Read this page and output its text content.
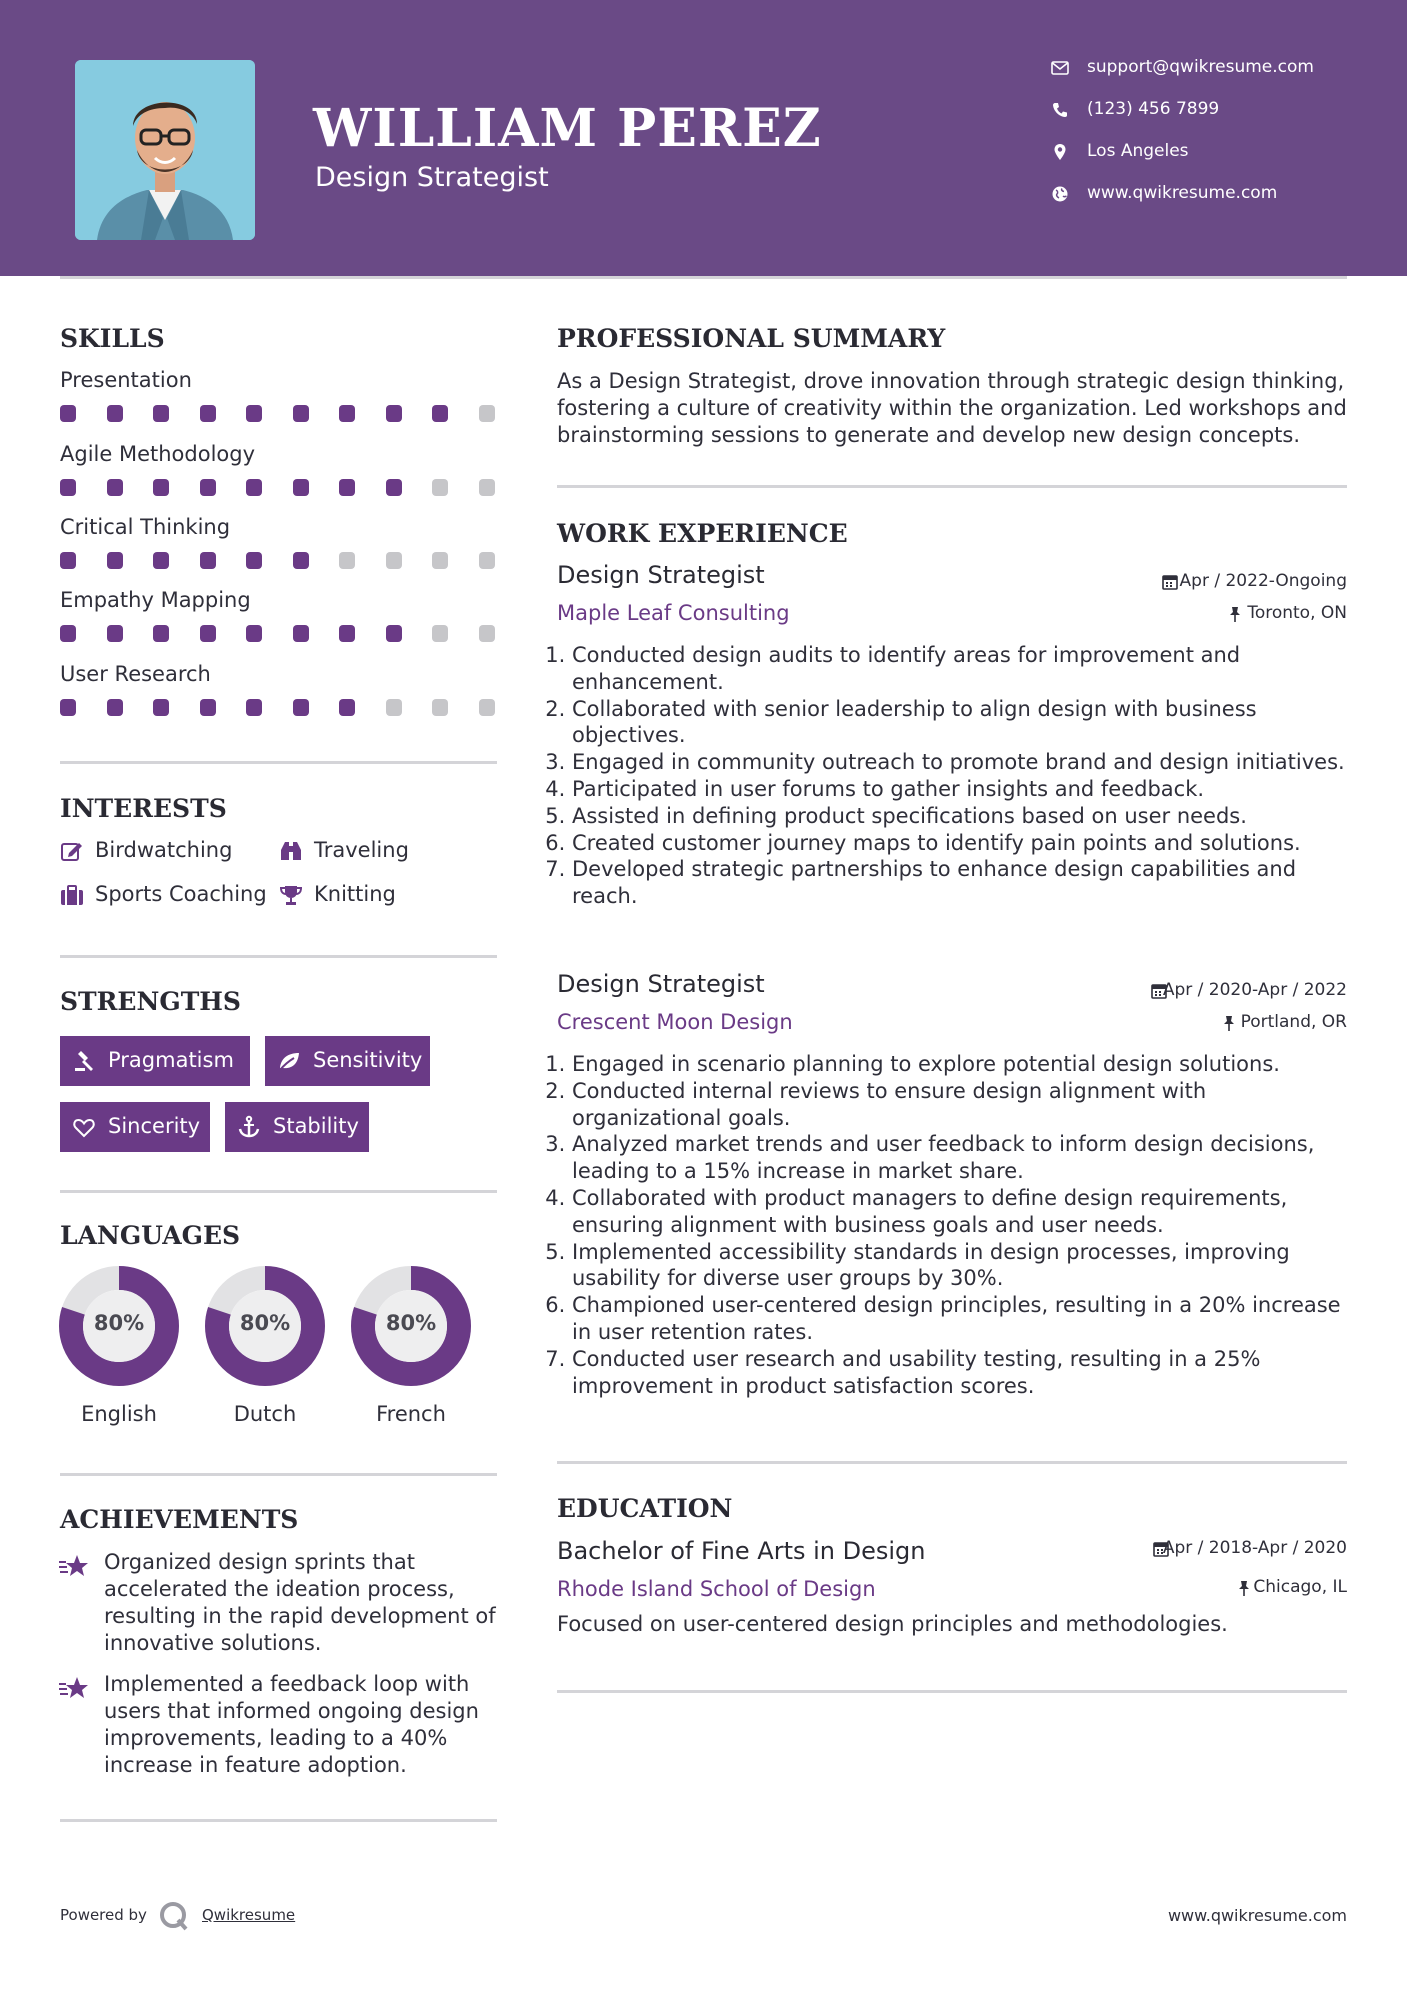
WILLIAM PEREZ
Design Strategist
support@qwikresume.com
(123) 456 7899
Los Angeles
www.qwikresume.com
SKILLS
Presentation
Agile Methodology
Critical Thinking
Empathy Mapping
User Research
INTERESTS
Birdwatching	Traveling
Sports Coaching Knitting
STRENGTHS
Pragmatism	Sensitivity
Sincerity	Stability
LANGUAGES
80%	80%	80%
English	Dutch	French
ACHIEVEMENTS
Organized design sprints that accelerated the ideation process, resulting in the rapid development of innovative solutions.
Implemented a feedback loop with users that informed ongoing design improvements, leading to a 40% increase in feature adoption.
PROFESSIONAL SUMMARY
As a Design Strategist, drove innovation through strategic design thinking, fostering a culture of creativity within the organization. Led workshops and brainstorming sessions to generate and develop new design concepts.
WORK EXPERIENCE
Design Strategist
Maple Leaf Consulting
Apr / 2022-Ongoing
Toronto, ON
1. Conducted design audits to identify areas for improvement and enhancement.
2. Collaborated with senior leadership to align design with business objectives.
3. Engaged in community outreach to promote brand and design initiatives.
4. Participated in user forums to gather insights and feedback.
5. Assisted in defining product specifications based on user needs.
6. Created customer journey maps to identify pain points and solutions.
7. Developed strategic partnerships to enhance design capabilities and reach.
Design Strategist
Crescent Moon Design
Apr / 2020-Apr / 2022
Portland, OR
1. Engaged in scenario planning to explore potential design solutions.
2. Conducted internal reviews to ensure design alignment with organizational goals.
3. Analyzed market trends and user feedback to inform design decisions, leading to a 15% increase in market share.
4. Collaborated with product managers to define design requirements, ensuring alignment with business goals and user needs.
5. Implemented accessibility standards in design processes, improving usability for diverse user groups by 30%.
6. Championed user-centered design principles, resulting in a 20% increase in user retention rates.
7. Conducted user research and usability testing, resulting in a 25% improvement in product satisfaction scores.
EDUCATION
Bachelor of Fine Arts in Design
Rhode Island School of Design
Apr / 2018-Apr / 2020
Chicago, IL
Focused on user-centered design principles and methodologies.
Powered by	Qwikresume	www.qwikresume.com
